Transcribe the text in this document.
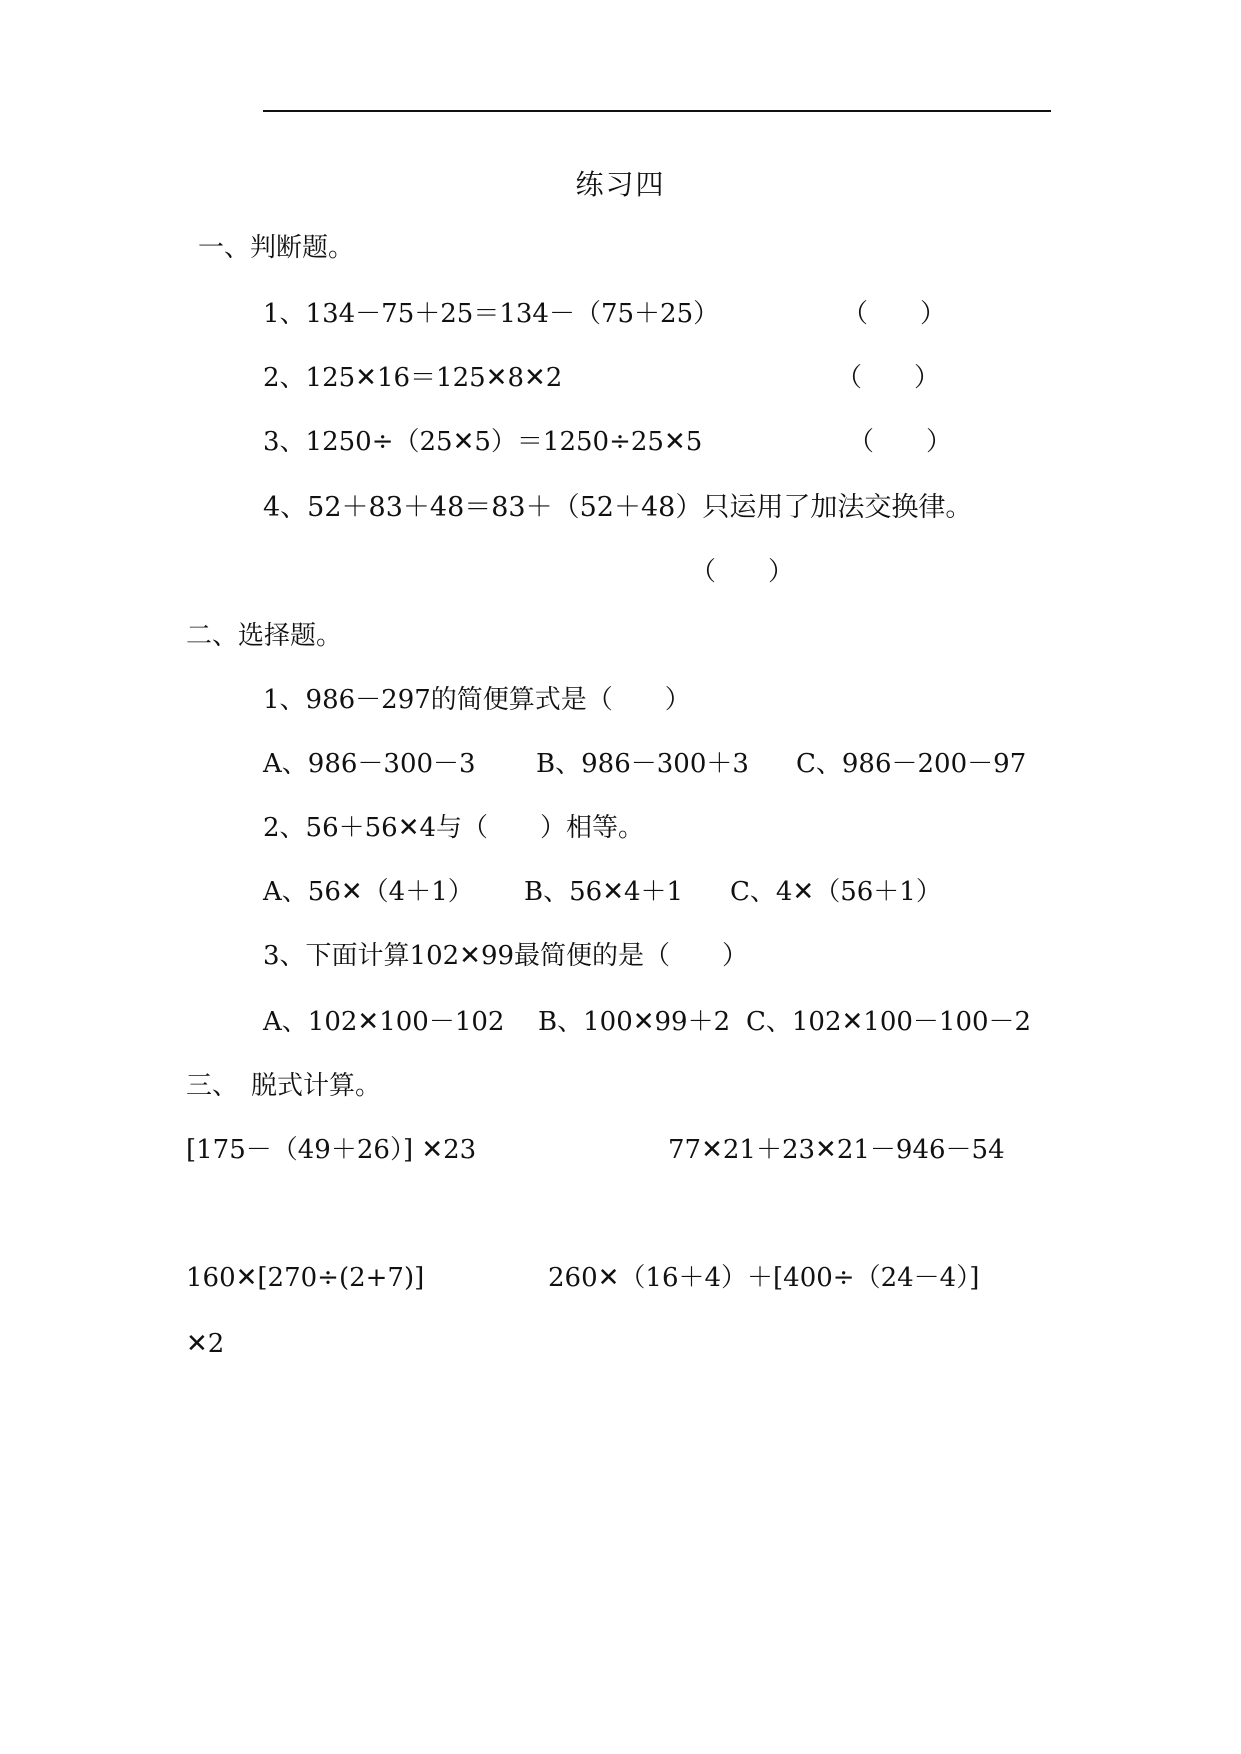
练习四
一、判断题。
1、134－75＋25＝134－（75＋25）	（　　）
2、125✕16＝125✕8✕2	（　　）
3、1250÷（25✕5）＝1250÷25✕5	（　　）
4、52＋83＋48＝83＋（52＋48）只运用了加法交换律。
（　　）
二、选择题。
1、986－297的简便算式是（　　）
A、986－300－3 B、986－300＋3 C、986－200－97
2、56＋56✕4与（　　）相等。
A、56✕（4＋1） B、56✕4＋1 C、4✕（56＋1）
3、下面计算102✕99最简便的是（　　）
A、102✕100－102 B、100✕99＋2 C、102✕100－100－2
三、　脱式计算。
[175－（49＋26）] ✕23	77✕21＋23✕21－946－54
160✕[270÷(2+7)]	260✕（16＋4）＋[400÷（24－4）]
✕2
